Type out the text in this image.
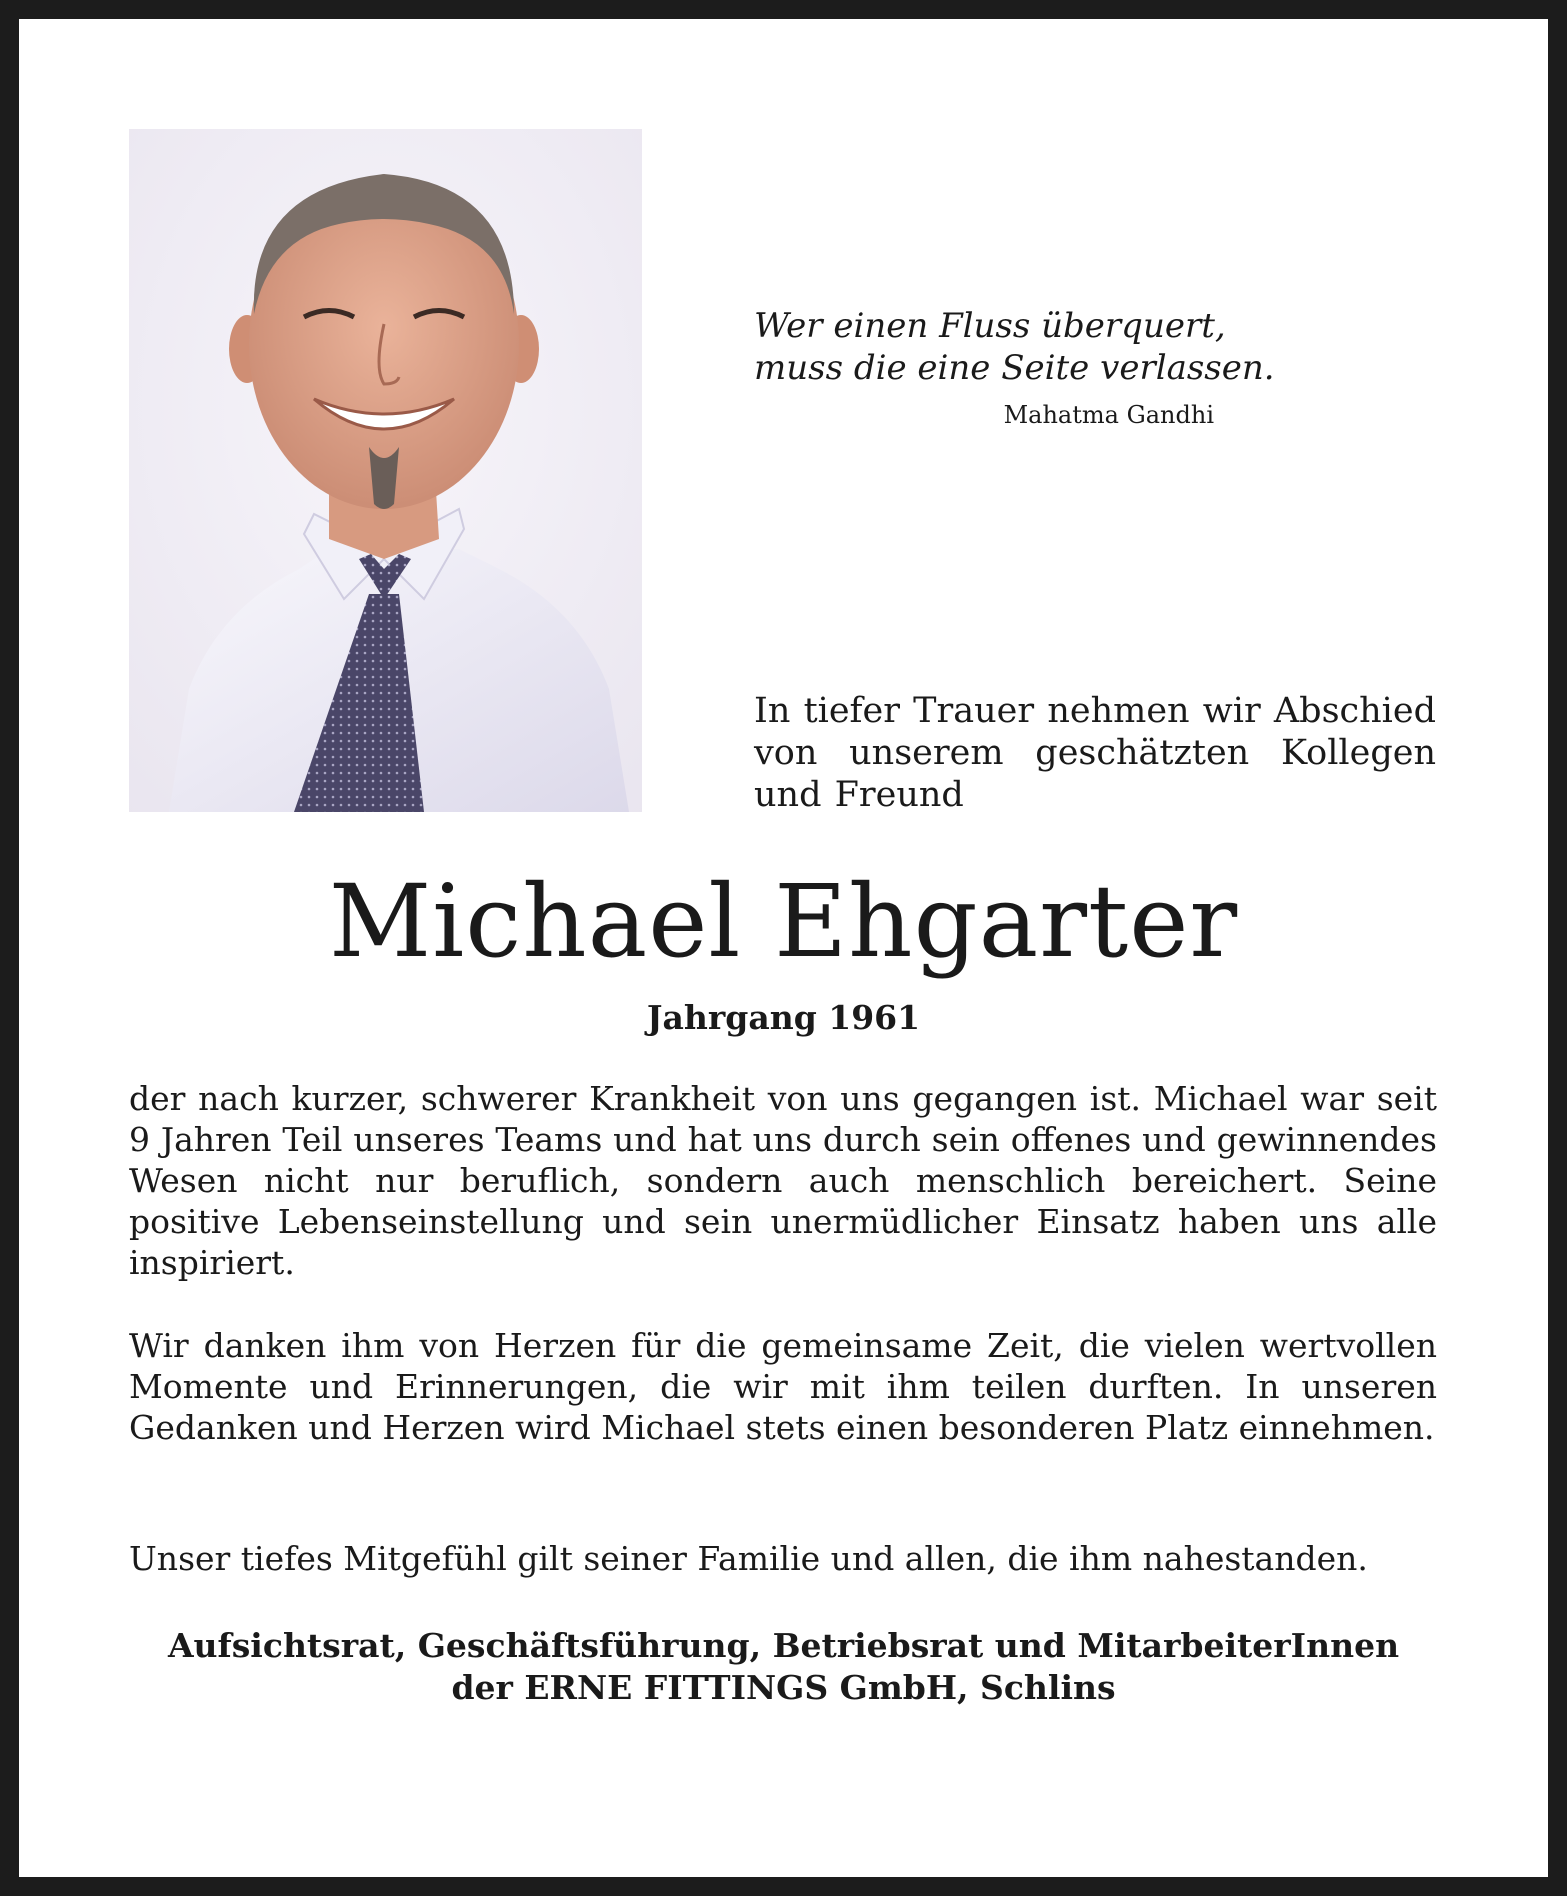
Wer einen Fluss überquert,
muss die eine Seite verlassen.
Mahatma Gandhi
In tiefer Trauer nehmen wir Abschied von unserem geschätzten Kollegen und Freund
Michael Ehgarter
Jahrgang 1961
der nach kurzer, schwerer Krankheit von uns gegangen ist. Michael war seit 9 Jahren Teil unseres Teams und hat uns durch sein offenes und gewinnendes Wesen nicht nur beruflich, sondern auch menschlich bereichert. Seine positive Lebenseinstellung und sein unermüdlicher Einsatz haben uns alle inspiriert.
Wir danken ihm von Herzen für die gemeinsame Zeit, die vielen wertvollen Momente und Erinnerungen, die wir mit ihm teilen durften. In unseren Gedanken und Herzen wird Michael stets einen besonderen Platz einnehmen.
Unser tiefes Mitgefühl gilt seiner Familie und allen, die ihm nahestanden.
Aufsichtsrat, Geschäftsführung, Betriebsrat und MitarbeiterInnen
der ERNE FITTINGS GmbH, Schlins
